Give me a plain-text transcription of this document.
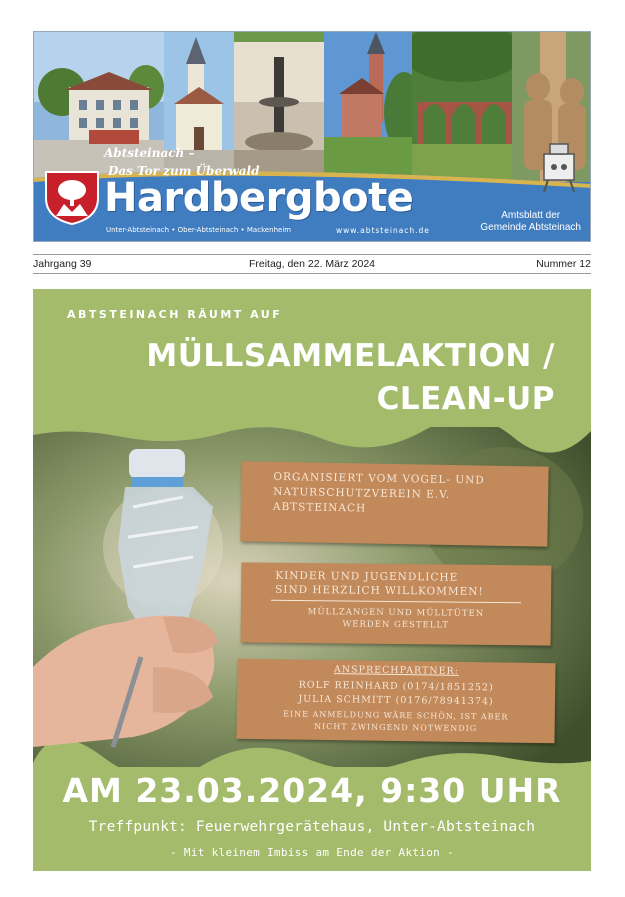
Abtsteinach –
Das Tor zum Überwald
Hardbergbote
Unter-Abtsteinach • Ober-Abtsteinach • Mackenheim	www.abtsteinach.de
Amtsblatt der
Gemeinde Abtsteinach
Freitag, den 22. März 2024
Jahrgang 39	Nummer 12
ABTSTEINACH RÄUMT AUF
MÜLLSAMMELAKTION /
CLEAN-UP
ORGANISIERT VOM VOGEL- UND
NATURSCHUTZVEREIN E.V.
ABTSTEINACH
KINDER UND JUGENDLICHE
SIND HERZLICH WILLKOMMEN!
MÜLLZANGEN UND MÜLLTÜTEN
WERDEN GESTELLT
ANSPRECHPARTNER:
ROLF REINHARD (0174/1851252)
JULIA SCHMITT (0176/78941374)
EINE ANMELDUNG WÄRE SCHÖN, IST ABER
NICHT ZWINGEND NOTWENDIG
AM 23.03.2024, 9:30 UHR
Treffpunkt: Feuerwehrgerätehaus, Unter-Abtsteinach
- Mit kleinem Imbiss am Ende der Aktion -
